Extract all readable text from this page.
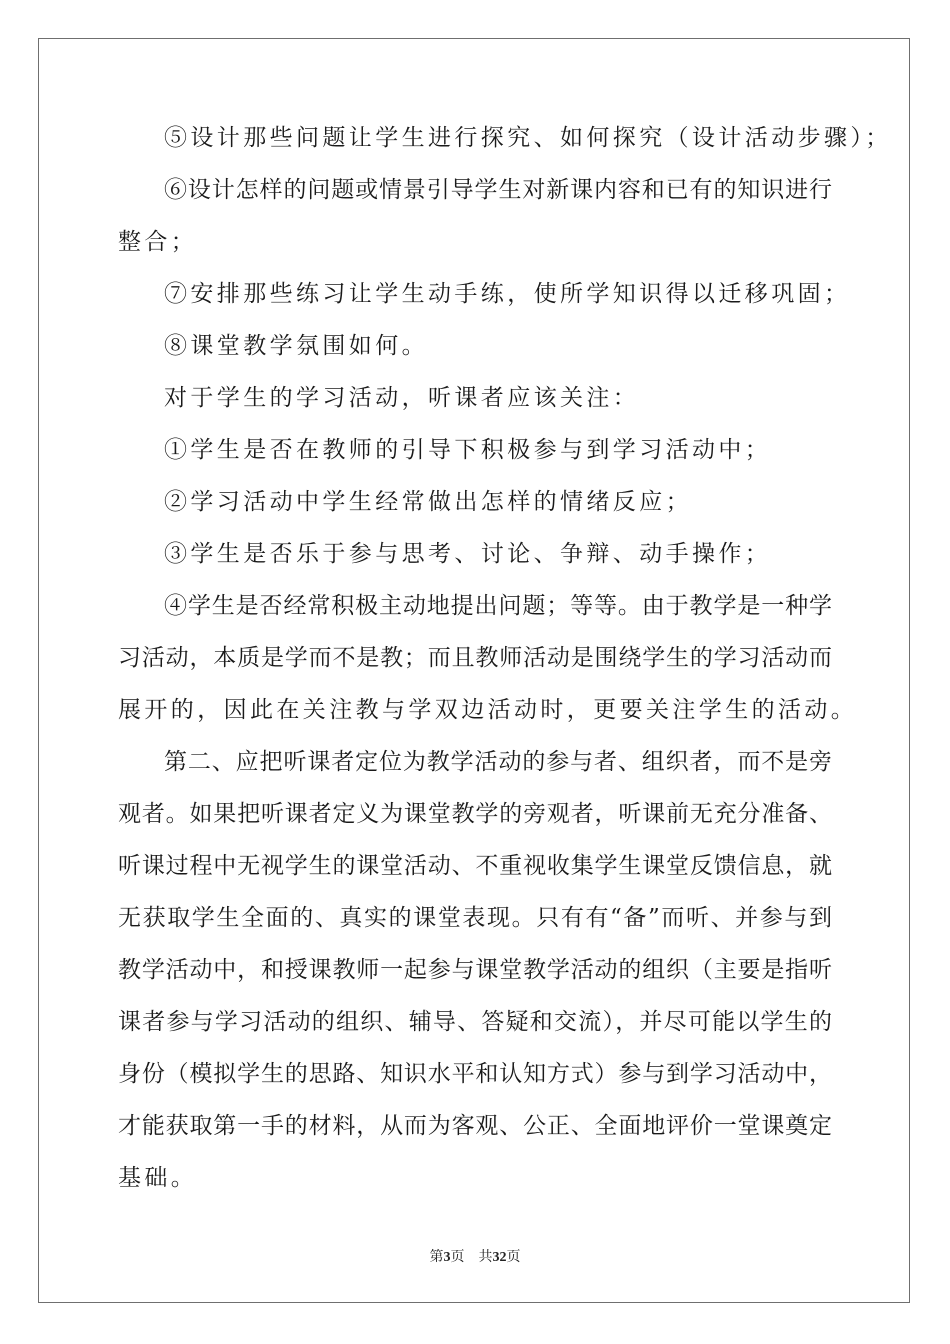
⑤设计那些问题让学生进行探究、如何探究（设计活动步骤）；
⑥设计怎样的问题或情景引导学生对新课内容和已有的知识进行
整合；
⑦安排那些练习让学生动手练，使所学知识得以迁移巩固；
⑧课堂教学氛围如何。
对于学生的学习活动，听课者应该关注：
①学生是否在教师的引导下积极参与到学习活动中；
②学习活动中学生经常做出怎样的情绪反应；
③学生是否乐于参与思考、讨论、争辩、动手操作；
④学生是否经常积极主动地提出问题；等等。由于教学是一种学
习活动，本质是学而不是教；而且教师活动是围绕学生的学习活动而
展开的，因此在关注教与学双边活动时，更要关注学生的活动。
第二、应把听课者定位为教学活动的参与者、组织者，而不是旁
观者。如果把听课者定义为课堂教学的旁观者，听课前无充分准备、
听课过程中无视学生的课堂活动、不重视收集学生课堂反馈信息，就
无获取学生全面的、真实的课堂表现。只有有“备”而听、并参与到
教学活动中，和授课教师一起参与课堂教学活动的组织（主要是指听
课者参与学习活动的组织、辅导、答疑和交流），并尽可能以学生的
身份（模拟学生的思路、知识水平和认知方式）参与到学习活动中，
才能获取第一手的材料，从而为客观、公正、全面地评价一堂课奠定
基础。
第3页 共32页
